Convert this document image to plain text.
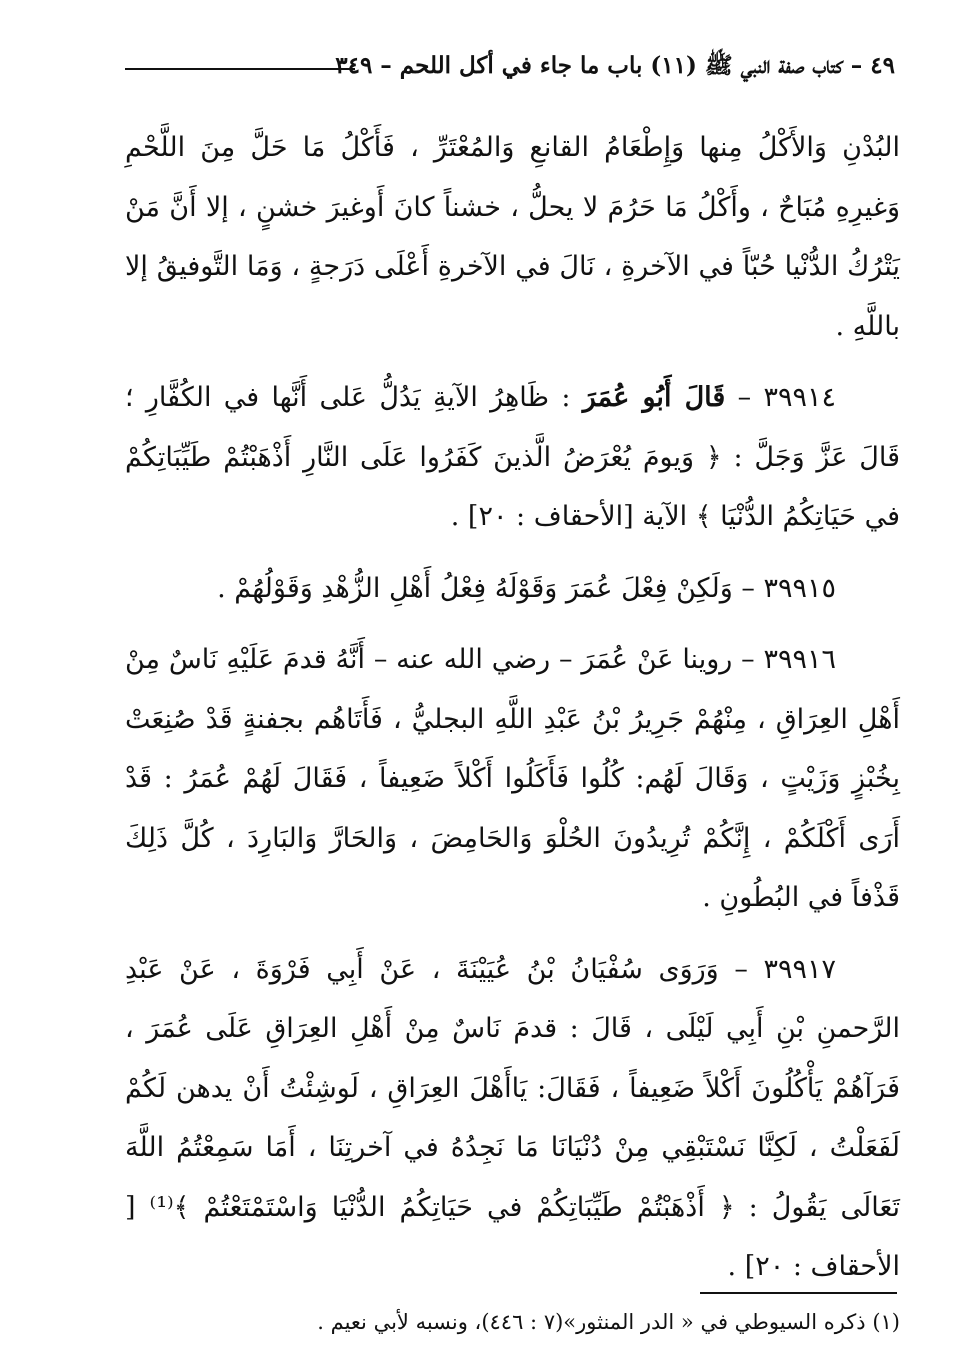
٤٩ – كتاب صفة النبي ﷺ (١١) باب ما جاء في أكل اللحم – ٣٤٩

البُدْنِ وَالأَكْلُ مِنها وَإِطْعَامُ القانعِ وَالمُعْتَرِّ ، فَأَكْلُ مَا حَلَّ مِنَ اللَّحْمِ وَغيرِهِ مُبَاحٌ ، وأَكْلُ مَا حَرُمَ لا يحلُّ ، خشناً كانَ أَوغيرَ خشنٍ ، إلا أَنَّ مَنْ يَتْرُكُ الدُّنْيا حُبّاً في الآخرةِ ، نَالَ في الآخرةِ أَعْلَى دَرَجةٍ ، وَمَا التَّوفيقُ إلا باللَّهِ .

٣٩٩١٤ – قَالَ أَبُو عُمَرَ : ظَاهِرُ الآيةِ يَدُلُّ عَلى أَنَّها في الكُفَّارِ ؛ قَالَ عَزَّ وَجَلَّ : ﴿ وَيومَ يُعْرَضُ الَّذينَ كَفَرُوا عَلَى النَّارِ أَذْهَبْتُمْ طَيِّبَاتِكُمْ في حَيَاتِكُمُ الدُّنْيَا ﴾ الآية [الأحقاف : ٢٠] .

٣٩٩١٥ – وَلَكِنْ فِعْلَ عُمَرَ وَقَوْلَهُ فِعْلُ أَهْلِ الزُّهْدِ وَقَوْلُهُمْ .

٣٩٩١٦ – روينا عَنْ عُمَرَ – رضي الله عنه – أَنَّهُ قدمَ عَلَيْهِ نَاسٌ مِنْ أَهْلِ العِرَاقِ ، مِنْهُمْ جَرِيرُ بْنُ عَبْدِ اللَّهِ البجليُّ ، فَأَتَاهُم بجفنةٍ قَدْ صُنِعَتْ بِخُبْزٍ وَزَيْتٍ ، وَقَالَ لَهُم: كُلُوا فَأَكَلُوا أَكْلاً ضَعِيفاً ، فَقَالَ لَهُمْ عُمَرُ : قَدْ أَرَى أَكْلَكُمْ ، إِنَّكُمْ تُرِيدُونَ الحُلْوَ وَالحَامِضَ ، وَالحَارَّ وَالبَارِدَ ، كُلَّ ذَلِكَ قَذْفاً في البُطُونِ .

٣٩٩١٧ – وَرَوَى سُفْيَانُ بْنُ عُيَيْنَةَ ، عَنْ أَبِي فَرْوَةَ ، عَنْ عَبْدِ الرَّحمنِ بْنِ أَبِي لَيْلَى ، قَالَ : قدمَ نَاسٌ مِنْ أَهْلِ العِرَاقِ عَلَى عُمَرَ ، فَرَآهُمْ يَأْكُلُونَ أَكْلاً ضَعِيفاً ، فَقَالَ: يَاأَهْلَ العِرَاقِ ، لَوشِئْتُ أَنْ يدهن لَكُمْ لَفَعَلْتُ ، لَكِنَّا نَسْتَبْقِي مِنْ دُنْيَانَا مَا نَجِدُهُ في آخرتِنَا ، أَمَا سَمِعْتُمُ اللَّهَ تَعَالَى يَقُولُ : ﴿ أَذْهَبْتُمْ طَيِّبَاتِكُمْ في حَيَاتِكُمُ الدُّنْيَا وَاسْتَمْتَعْتُمْ ﴾⁽¹⁾ [ الأحقاف : ٢٠] .

(١) ذكره السيوطي في « الدر المنثور»(٧ : ٤٤٦)، ونسبه لأبي نعيم .
